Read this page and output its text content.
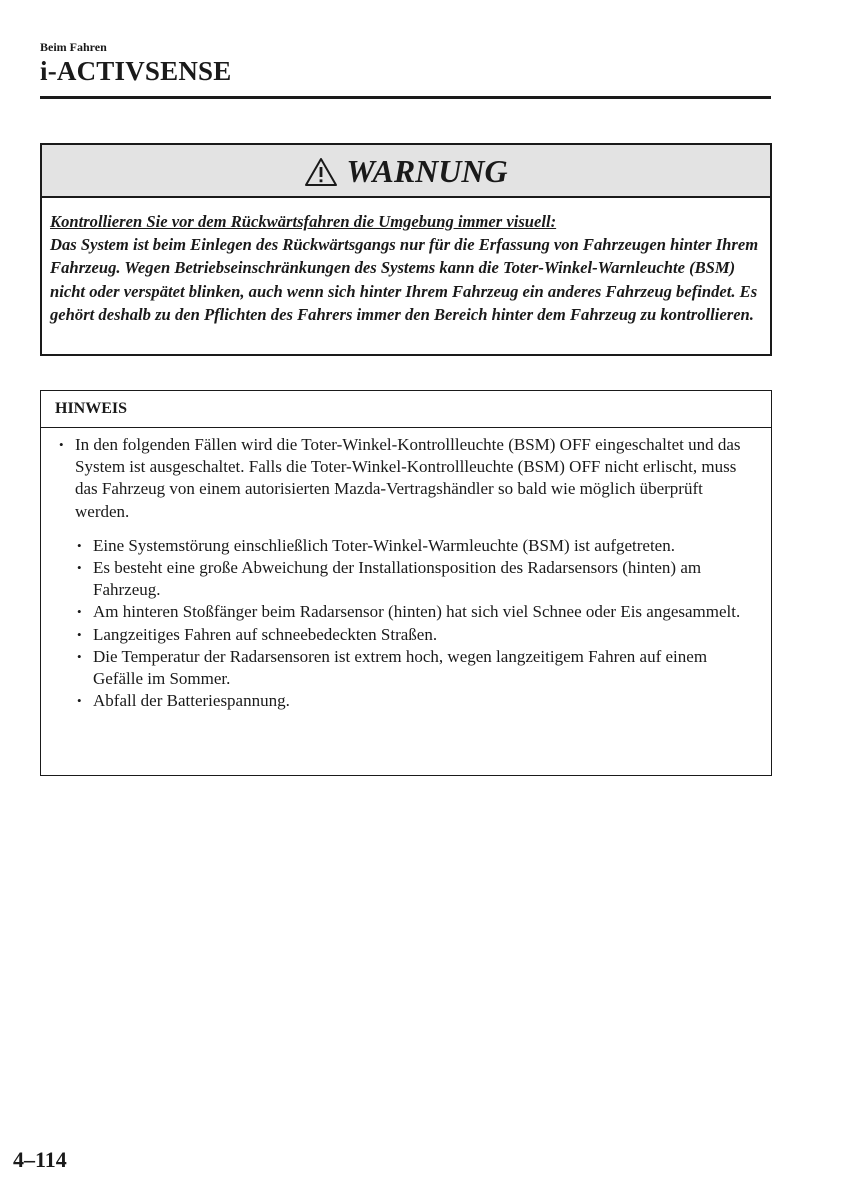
Beim Fahren
i-ACTIVSENSE
WARNUNG
Kontrollieren Sie vor dem Rückwärtsfahren die Umgebung immer visuell:
Das System ist beim Einlegen des Rückwärtsgangs nur für die Erfassung von Fahrzeugen hinter Ihrem Fahrzeug. Wegen Betriebseinschränkungen des Systems kann die Toter-Winkel-Warnleuchte (BSM) nicht oder verspätet blinken, auch wenn sich hinter Ihrem Fahrzeug ein anderes Fahrzeug befindet. Es gehört deshalb zu den Pflichten des Fahrers immer den Bereich hinter dem Fahrzeug zu kontrollieren.
HINWEIS
• In den folgenden Fällen wird die Toter-Winkel-Kontrollleuchte (BSM) OFF eingeschaltet und das System ist ausgeschaltet. Falls die Toter-Winkel-Kontrollleuchte (BSM) OFF nicht erlischt, muss das Fahrzeug von einem autorisierten Mazda-Vertragshändler so bald wie möglich überprüft werden.
• Eine Systemstörung einschließlich Toter-Winkel-Warmleuchte (BSM) ist aufgetreten.
• Es besteht eine große Abweichung der Installationsposition des Radarsensors (hinten) am Fahrzeug.
• Am hinteren Stoßfänger beim Radarsensor (hinten) hat sich viel Schnee oder Eis angesammelt.
• Langzeitiges Fahren auf schneebedeckten Straßen.
• Die Temperatur der Radarsensoren ist extrem hoch, wegen langzeitigem Fahren auf einem Gefälle im Sommer.
• Abfall der Batteriespannung.
4–114
